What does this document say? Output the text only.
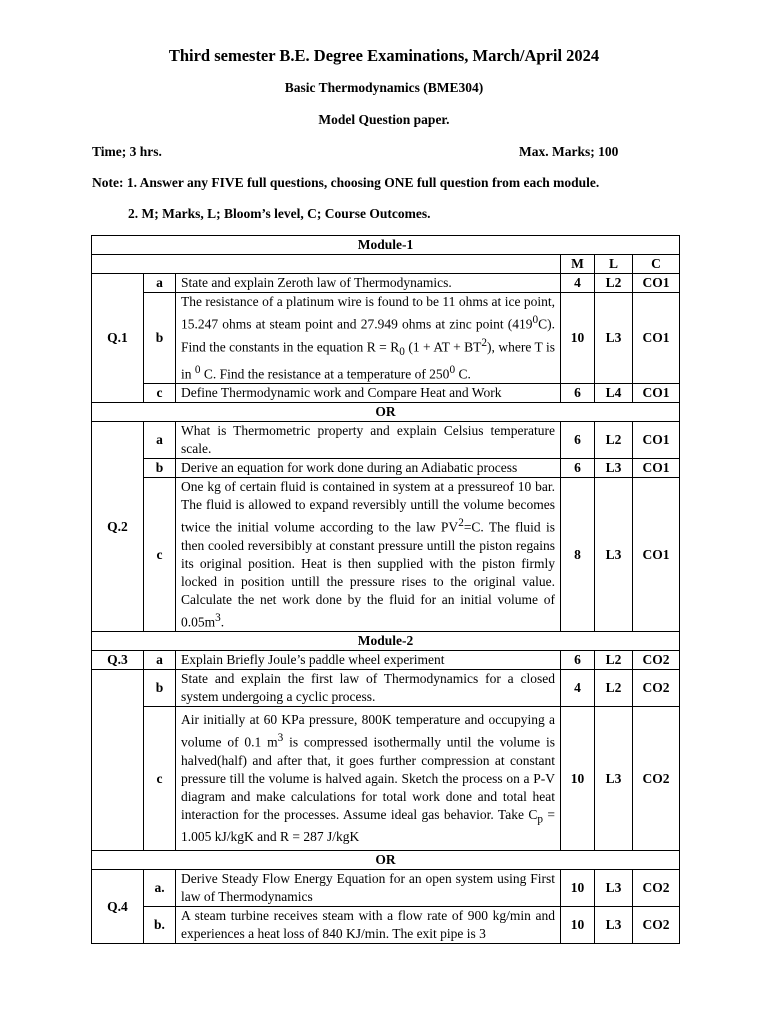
Third semester B.E. Degree Examinations, March/April 2024
Basic Thermodynamics (BME304)
Model Question paper.
Time; 3 hrs.	Max. Marks; 100
Note: 1. Answer any FIVE full questions, choosing ONE full question from each module.
2. M; Marks, L; Bloom’s level, C; Course Outcomes.
Module-1					
			M	L	C
Q.1	a	State and explain Zeroth law of Thermodynamics.	4	L2	CO1
	b	The resistance of a platinum wire is found to be 11 ohms at ice point, 15.247 ohms at steam point and 27.949 ohms at zinc point $(419^0C)$. Find the constants in the equation $R = R_0$ (1 + AT + $BT^2$), where T is in $^0$ C. Find the resistance at a temperature of $250^0$ C.	10	L3	CO1
	c	Define Thermodynamic work and Compare Heat and Work	6	L4	CO1
OR					
Q.2	a	What is Thermometric property and explain Celsius temperature scale.	6	L2	CO1
	b	Derive an equation for work done during an Adiabatic process	6	L3	CO1
	c	One kg of certain fluid is contained in system at a pressureof 10 bar. The fluid is allowed to expand reversibly untill the volume becomes twice the initial volume according to the law $PV^2=C$. The fluid is then cooled reversibibly at constant pressure untill the piston regains its original position. Heat is then supplied with the piston firmly locked in position untill the pressure rises to the original value. Calculate the net work done by the fluid for an initial volume of $0.05m^3$.	8	L3	CO1
Module-2					
Q.3	a	Explain Briefly Joule’s paddle wheel experiment	6	L2	CO2
	b	State and explain the first law of Thermodynamics for a closed system undergoing a cyclic process.	4	L2	CO2
	c	Air initially at 60 KPa pressure, 800K temperature and occupying a volume of 0.1 $m^3$ is compressed isothermally until the volume is halved(half) and after that, it goes further compression at constant pressure till the volume is halved again. Sketch the process on a P-V diagram and make calculations for total work done and total heat interaction for the processes. Assume ideal gas behavior. Take $C_p = 1.005$ kJ/kgK and R = 287 J/kgK	10	L3	CO2
OR					
Q.4	a.	Derive Steady Flow Energy Equation for an open system using First law of Thermodynamics	10	L3	CO2
	b.	A steam turbine receives steam with a flow rate of 900 kg/min and experiences a heat loss of 840 KJ/min. The exit pipe is 3	10	L3	CO2
